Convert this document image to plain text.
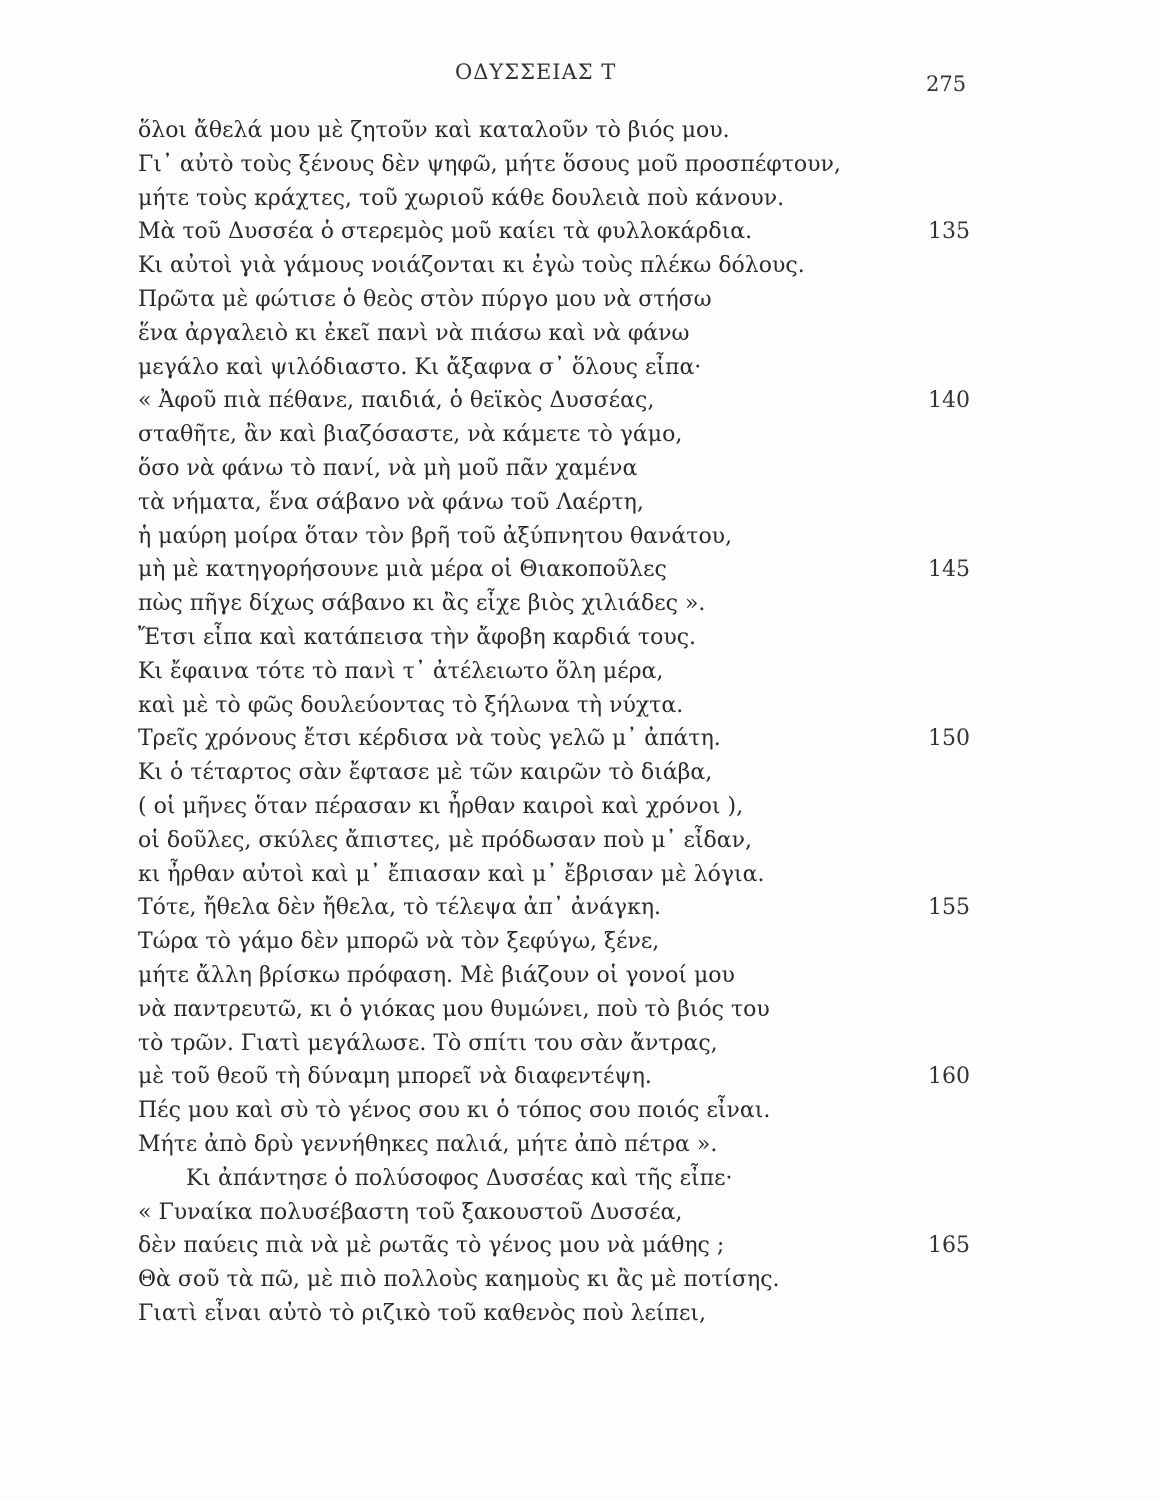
ΟΔΥΣΣΕΙΑΣ Τ	275
ὅλοι ἄθελά μου μὲ ζητοῦν καὶ καταλοῦν τὸ βιός μου.
Γι᾽ αὐτὸ τοὺς ξένους δὲν ψηφῶ, μήτε ὅσους μοῦ προσπέφτουν,
μήτε τοὺς κράχτες, τοῦ χωριοῦ κάθε δουλειὰ ποὺ κάνουν.
Μὰ τοῦ Δυσσέα ὁ στερεμὸς μοῦ καίει τὰ φυλλοκάρδια.	135
Κι αὐτοὶ γιὰ γάμους νοιάζονται κι ἐγὼ τοὺς πλέκω δόλους.
Πρῶτα μὲ φώτισε ὁ θεὸς στὸν πύργο μου νὰ στήσω
ἕνα ἀργαλειὸ κι ἐκεῖ πανὶ νὰ πιάσω καὶ νὰ φάνω
μεγάλο καὶ ψιλόδιαστο. Κι ἄξαφνα σ᾽ ὅλους εἶπα·
« Ἀφοῦ πιὰ πέθανε, παιδιά, ὁ θεϊκὸς Δυσσέας,	140
σταθῆτε, ἂν καὶ βιαζόσαστε, νὰ κάμετε τὸ γάμο,
ὅσο νὰ φάνω τὸ πανί, νὰ μὴ μοῦ πᾶν χαμένα
τὰ νήματα, ἕνα σάβανο νὰ φάνω τοῦ Λαέρτη,
ἡ μαύρη μοίρα ὅταν τὸν βρῆ τοῦ ἀξύπνητου θανάτου,
μὴ μὲ κατηγορήσουνε μιὰ μέρα οἱ Θιακοποῦλες	145
πὼς πῆγε δίχως σάβανο κι ἂς εἶχε βιὸς χιλιάδες ».
Ἔτσι εἶπα καὶ κατάπεισα τὴν ἄφοβη καρδιά τους.
Κι ἔφαινα τότε τὸ πανὶ τ᾽ ἀτέλειωτο ὅλη μέρα,
καὶ μὲ τὸ φῶς δουλεύοντας τὸ ξήλωνα τὴ νύχτα.
Τρεῖς χρόνους ἔτσι κέρδισα νὰ τοὺς γελῶ μ᾽ ἀπάτη.	150
Κι ὁ τέταρτος σὰν ἔφτασε μὲ τῶν καιρῶν τὸ διάβα,
( οἱ μῆνες ὅταν πέρασαν κι ἦρθαν καιροὶ καὶ χρόνοι ),
οἱ δοῦλες, σκύλες ἄπιστες, μὲ πρόδωσαν ποὺ μ᾽ εἶδαν,
κι ἦρθαν αὐτοὶ καὶ μ᾽ ἔπιασαν καὶ μ᾽ ἔβρισαν μὲ λόγια.
Τότε, ἤθελα δὲν ἤθελα, τὸ τέλεψα ἀπ᾽ ἀνάγκη.	155
Τώρα τὸ γάμο δὲν μπορῶ νὰ τὸν ξεφύγω, ξένε,
μήτε ἄλλη βρίσκω πρόφαση. Μὲ βιάζουν οἱ γονοί μου
νὰ παντρευτῶ, κι ὁ γιόκας μου θυμώνει, ποὺ τὸ βιός του
τὸ τρῶν. Γιατὶ μεγάλωσε. Τὸ σπίτι του σὰν ἄντρας,
μὲ τοῦ θεοῦ τὴ δύναμη μπορεῖ νὰ διαφεντέψη.	160
Πές μου καὶ σὺ τὸ γένος σου κι ὁ τόπος σου ποιός εἶναι.
Μήτε ἀπὸ δρὺ γεννήθηκες παλιά, μήτε ἀπὸ πέτρα ».
Κι ἀπάντησε ὁ πολύσοφος Δυσσέας καὶ τῆς εἶπε·
« Γυναίκα πολυσέβαστη τοῦ ξακουστοῦ Δυσσέα,
δὲν παύεις πιὰ νὰ μὲ ρωτᾶς τὸ γένος μου νὰ μάθης ;	165
Θὰ σοῦ τὰ πῶ, μὲ πιὸ πολλοὺς καημοὺς κι ἂς μὲ ποτίσης.
Γιατὶ εἶναι αὐτὸ τὸ ριζικὸ τοῦ καθενὸς ποὺ λείπει,
